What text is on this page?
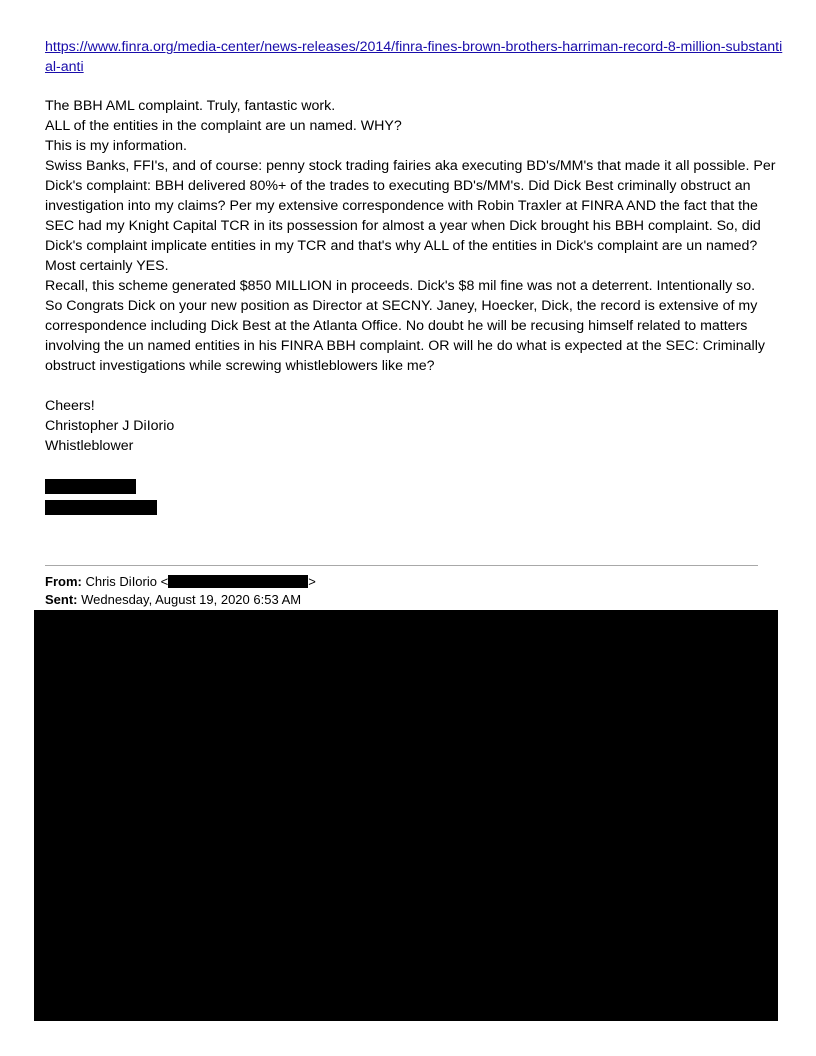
https://www.finra.org/media-center/news-releases/2014/finra-fines-brown-brothers-harriman-record-8-million-substantial-anti

The BBH AML complaint. Truly, fantastic work.

ALL of the entities in the complaint are un named. WHY?

This is my information.

Swiss Banks, FFI's, and of course: penny stock trading fairies aka executing BD's/MM's that made it all possible. Per Dick's complaint: BBH delivered 80%+ of the trades to executing BD's/MM's. Did Dick Best criminally obstruct an investigation into my claims? Per my extensive correspondence with Robin Traxler at FINRA AND the fact that the SEC had my Knight Capital TCR in its possession for almost a year when Dick brought his BBH complaint. So, did Dick's complaint implicate entities in my TCR and that's why ALL of the entities in Dick's complaint are un named? Most certainly YES.

Recall, this scheme generated $850 MILLION in proceeds. Dick's $8 mil fine was not a deterrent. Intentionally so.

So Congrats Dick on your new position as Director at SECNY. Janey, Hoecker, Dick, the record is extensive of my correspondence including Dick Best at the Atlanta Office. No doubt he will be recusing himself related to matters involving the un named entities in his FINRA BBH complaint. OR will he do what is expected at the SEC: Criminally obstruct investigations while screwing whistleblowers like me?

Cheers!

Christopher J DiIorio

Whistleblower

From: Chris DiIorio <	>
Sent: Wednesday, August 19, 2020 6:53 AM
